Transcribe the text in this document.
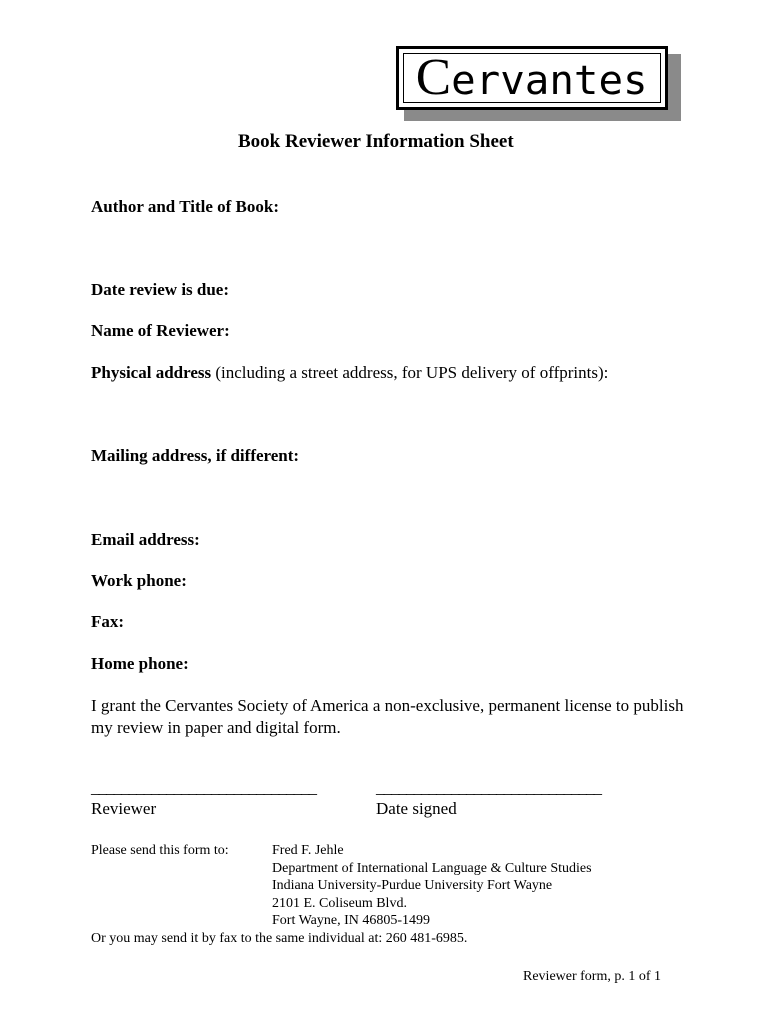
Cervantes
Book Reviewer Information Sheet
Author and Title of Book:
Date review is due:
Name of Reviewer:
Physical address (including a street address, for UPS delivery of offprints):
Mailing address, if different:
Email address:
Work phone:
Fax:
Home phone:
I grant the Cervantes Society of America a non-exclusive, permanent license to publish my review in paper and digital form.
______________________________
Reviewer
______________________________
Date signed
Please send this form to:	Fred F. Jehle
Department of International Language & Culture Studies
Indiana University-Purdue University Fort Wayne
2101 E. Coliseum Blvd.
Fort Wayne, IN 46805-1499
Or you may send it by fax to the same individual at: 260 481-6985.
Reviewer form, p. 1 of 1
